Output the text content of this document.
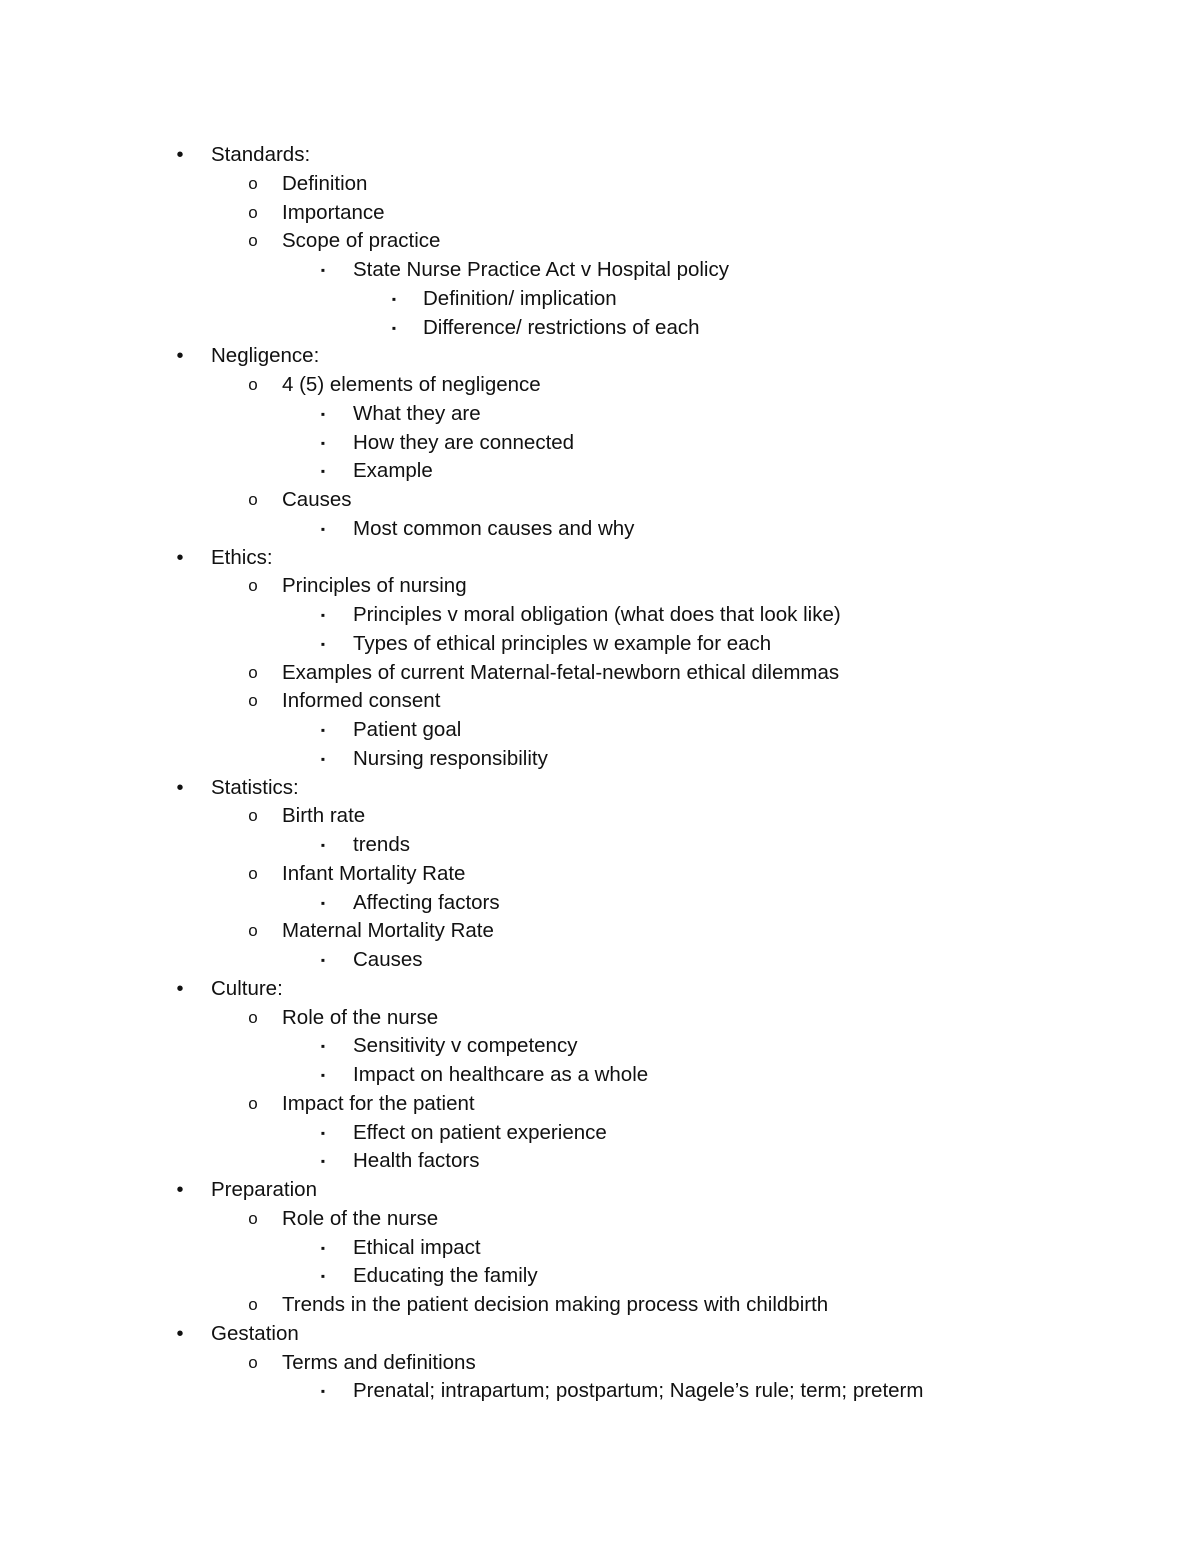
•	Standards:
o Definition
o Importance
o Scope of practice
▪	State Nurse Practice Act v Hospital policy
▪	Definition/ implication
▪	Difference/ restrictions of each
•	Negligence:
o 4 (5) elements of negligence
▪	What they are
▪	How they are connected
▪	Example
o Causes
▪	Most common causes and why
•	Ethics:
o Principles of nursing
▪	Principles v moral obligation (what does that look like)
▪	Types of ethical principles w example for each
o Examples of current Maternal-fetal-newborn ethical dilemmas
o Informed consent
▪	Patient goal
▪	Nursing responsibility
•	Statistics:
o Birth rate
▪	trends
o Infant Mortality Rate
▪	Affecting factors
o Maternal Mortality Rate
▪	Causes
•	Culture:
o Role of the nurse
▪	Sensitivity v competency
▪	Impact on healthcare as a whole
o Impact for the patient
▪	Effect on patient experience
▪	Health factors
•	Preparation
o Role of the nurse
▪	Ethical impact
▪	Educating the family
o Trends in the patient decision making process with childbirth
•	Gestation
o Terms and definitions
▪	Prenatal; intrapartum; postpartum; Nagele’s rule; term; preterm
